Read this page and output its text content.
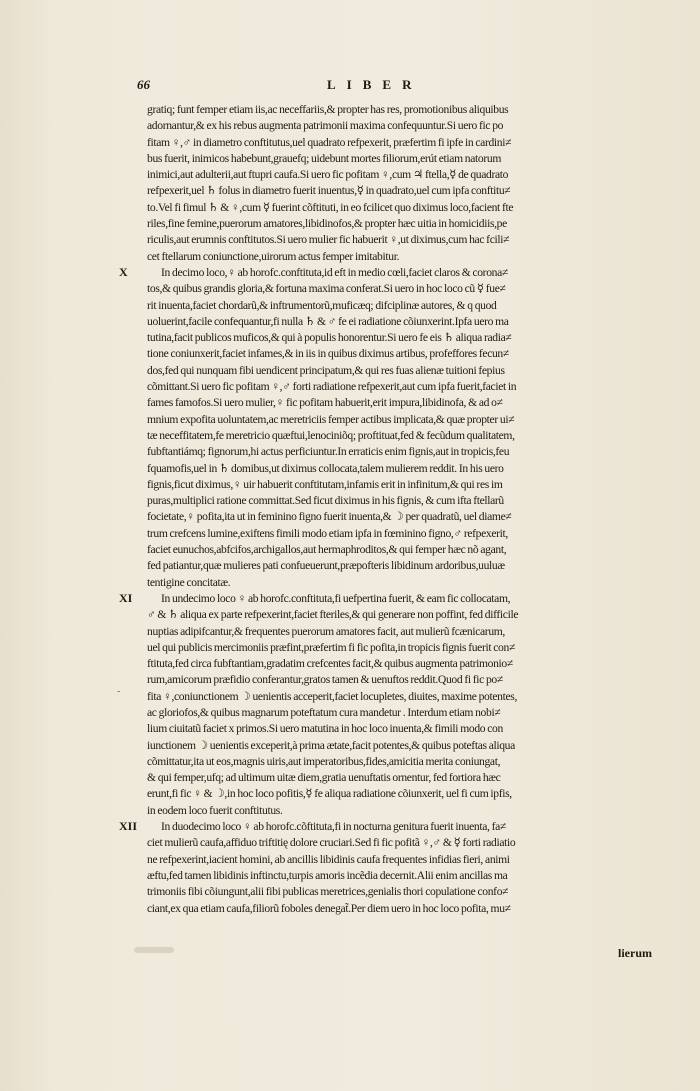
66	LIBER
gratiq; funt femper etiam iis,ac neceffariis,& propter has res, promotionibus aliquibus
adornantur,& ex his rebus augmenta patrimonii maxima confequuntur.Si uero fic po
fitam ♀,♂ in diametro conftitutus,uel quadrato refpexerit, præfertim fi ipfe in cardini≠
bus fuerit, inimicos habebunt,grauefq; uidebunt mortes filiorum,erút etiam natorum
inimici,aut adulterii,aut ftupri caufa.Si uero fic pofitam ♀,cum ♃ ftella,☿ de quadrato
refpexerit,uel ♄ folus in diametro fuerit inuentus,☿ in quadrato,uel cum ipfa conftitu≠
to.Vel fi fimul ♄ & ♀,cum ☿ fuerint cõftituti, in eo fcilicet quo diximus loco,facient fte
riles,fine femine,puerorum amatores,libidinofos,& propter hæc uitia in homicidiis,pe
riculis,aut erumnis conftitutos.Si uero mulier fic habuerit ♀,ut diximus,cum hac fcili≠
cet ftellarum coniunctione,uirorum actus femper imitabitur.
X	In decimo loco,♀ ab horofc.conftituta,id eft in medio cœli,faciet claros & corona≠
tos,& quibus grandis gloria,& fortuna maxima conferat.Si uero in hoc loco cũ ☿ fue≠
rit inuenta,faciet chordarũ,& inftrumentorũ,muficæq; difciplinæ autores, & q quod
uoluerint,facile confequantur,fi nulla ♄ & ♂ fe ei radiatione cõiunxerint.Ipfa uero ma
tutina,facit publicos muficos,& qui à populis honorentur.Si uero fe eis ♄ aliqua radia≠
tione coniunxerit,faciet infames,& in iis in quibus diximus artibus, profeffores fecun≠
dos,fed qui nunquam fibi uendicent principatum,& qui res fuas alienæ tuitioni fepius
cõmittant.Si uero fic pofitam ♀,♂ forti radiatione refpexerit,aut cum ipfa fuerit,faciet in
fames famofos.Si uero mulier,♀ fic pofitam habuerit,erit impura,libidinofa, & ad o≠
mnium expofita uoluntatem,ac meretriciis femper actibus implicata,& quæ propter ui≠
tæ neceffitatem,fe meretricio quæftui,lenociniõq; proftituat,fed & fecũdum qualitatem,
fubftantiámq; fignorum,hi actus perficiuntur.In erraticis enim fignis,aut in tropicis,feu
fquamofis,uel in ♄ domibus,ut diximus collocata,talem mulierem reddit. In his uero
fignis,ficut diximus,♀ uir habuerit conftitutam,infamis erit in infinitum,& qui res im
puras,multiplici ratione committat.Sed ficut diximus in his fignis, & cum ifta ftellarũ
focietate,♀ pofita,ita ut in feminino figno fuerit inuenta,& ☽ per quadratũ, uel diame≠
trum crefcens lumine,exiftens fimili modo etiam ipfa in fœminino figno,♂ refpexerit,
faciet eunuchos,abfcifos,archigallos,aut hermaphroditos,& qui femper hæc nõ agant,
fed patiantur,quæ mulieres pati confueuerunt,præpofteris libidinum ardoribus,uuluæ
tentigine concitatæ.
XI	In undecimo loco ♀ ab horofc.conftituta,fi uefpertina fuerit, & eam fic collocatam,
♂ & ♄ aliqua ex parte refpexerint,faciet fteriles,& qui generare non poffint, fed difficile
nuptias adipifcantur,& frequentes puerorum amatores facit, aut mulierũ fcænicarum,
uel qui publicis mercimoniis præfint,præfertim fi fic pofita,in tropicis fignis fuerit con≠
ftituta,fed circa fubftantiam,gradatim crefcentes facit,& quibus augmenta patrimonio≠
rum,amicorum præfidio conferantur,gratos tamen & uenuftos reddit.Quod fi fic po≠
fita ♀,coniunctionem ☽ uenientis acceperit,faciet locupletes, diuites, maxime potentes,
ac gloriofos,& quibus magnarum poteftatum cura mandetur . Interdum etiam nobi≠
lium ciuitatũ faciet x primos.Si uero matutina in hoc loco inuenta,& fimili modo con
iunctionem ☽ uenientis exceperit,à prima ætate,facit potentes,& quibus poteftas aliqua
cõmittatur,ita ut eos,magnis uiris,aut imperatoribus,fides,amicitia merita coniungat,
& qui femper,ufq; ad ultimum uitæ diem,gratia uenuftatis ornentur, fed fortiora hæc
erunt,fi fic ♀ & ☽,in hoc loco pofitis,☿ fe aliqua radiatione cõiunxerit, uel fi cum ipfis,
in eodem loco fuerit conftitutus.
XII	In duodecimo loco ♀ ab horofc.cõftituta,fi in nocturna genitura fuerit inuenta, fa≠
ciet mulierũ caufa,affiduo triftitię dolore cruciari.Sed fi fic pofitã ♀,♂ & ☿ forti radiatio
ne refpexerint,iacient homini, ab ancillis libidinis caufa frequentes infidias fieri, animi
æftu,fed tamen libidinis inftinctu,turpis amoris incẽdia decernit.Alii enim ancillas ma
trimoniis fibi cõiungunt,alii fibi publicas meretrices,genialis thori copulatione confo≠
ciant,ex qua etiam caufa,filiorũ foboles denegat̃.Per diem uero in hoc loco pofita, mu≠
-
lierum
